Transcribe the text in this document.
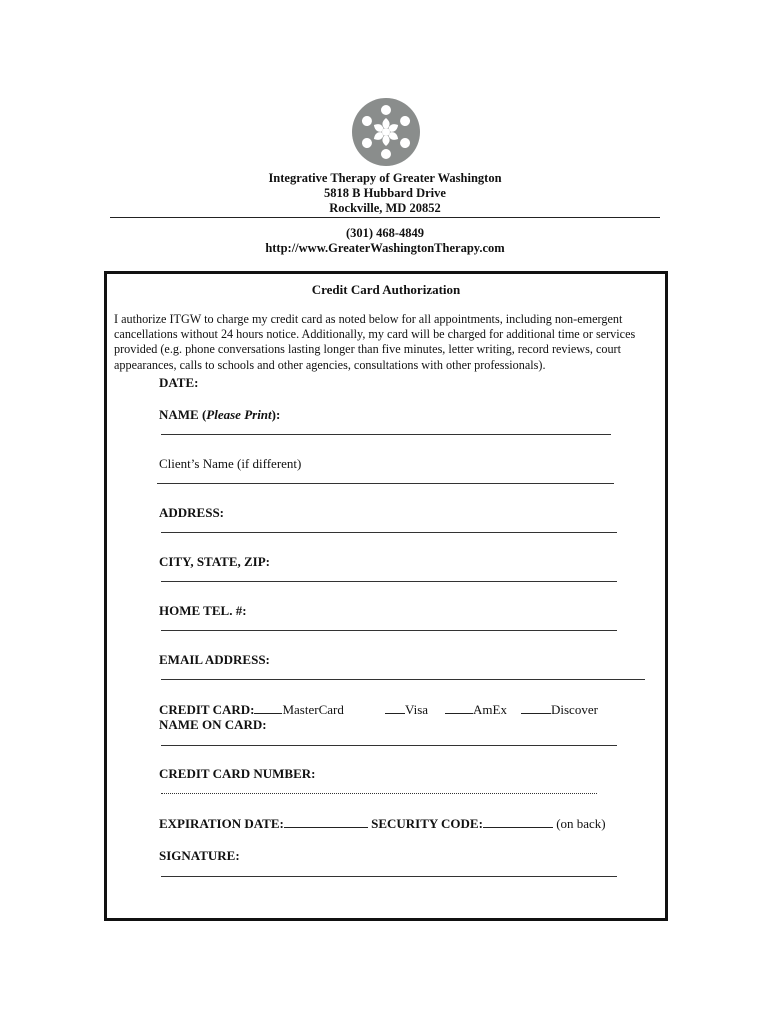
Integrative Therapy of Greater Washington
5818 B Hubbard Drive
Rockville, MD 20852
(301) 468-4849
http://www.GreaterWashingtonTherapy.com
Credit Card Authorization
I authorize ITGW to charge my credit card as noted below for all appointments, including non-emergent cancellations without 24 hours notice. Additionally, my card will be charged for additional time or services provided (e.g. phone conversations lasting longer than five minutes, letter writing, record reviews, court appearances, calls to schools and other agencies, consultations with other professionals).
DATE:
NAME (Please Print):
Client’s Name (if different)
ADDRESS:
CITY, STATE, ZIP:
HOME TEL. #:
EMAIL ADDRESS:
CREDIT CARD: MasterCard	Visa	AmEx	Discover
NAME ON CARD:
CREDIT CARD NUMBER:
EXPIRATION DATE:	SECURITY CODE:	(on back)
SIGNATURE:
